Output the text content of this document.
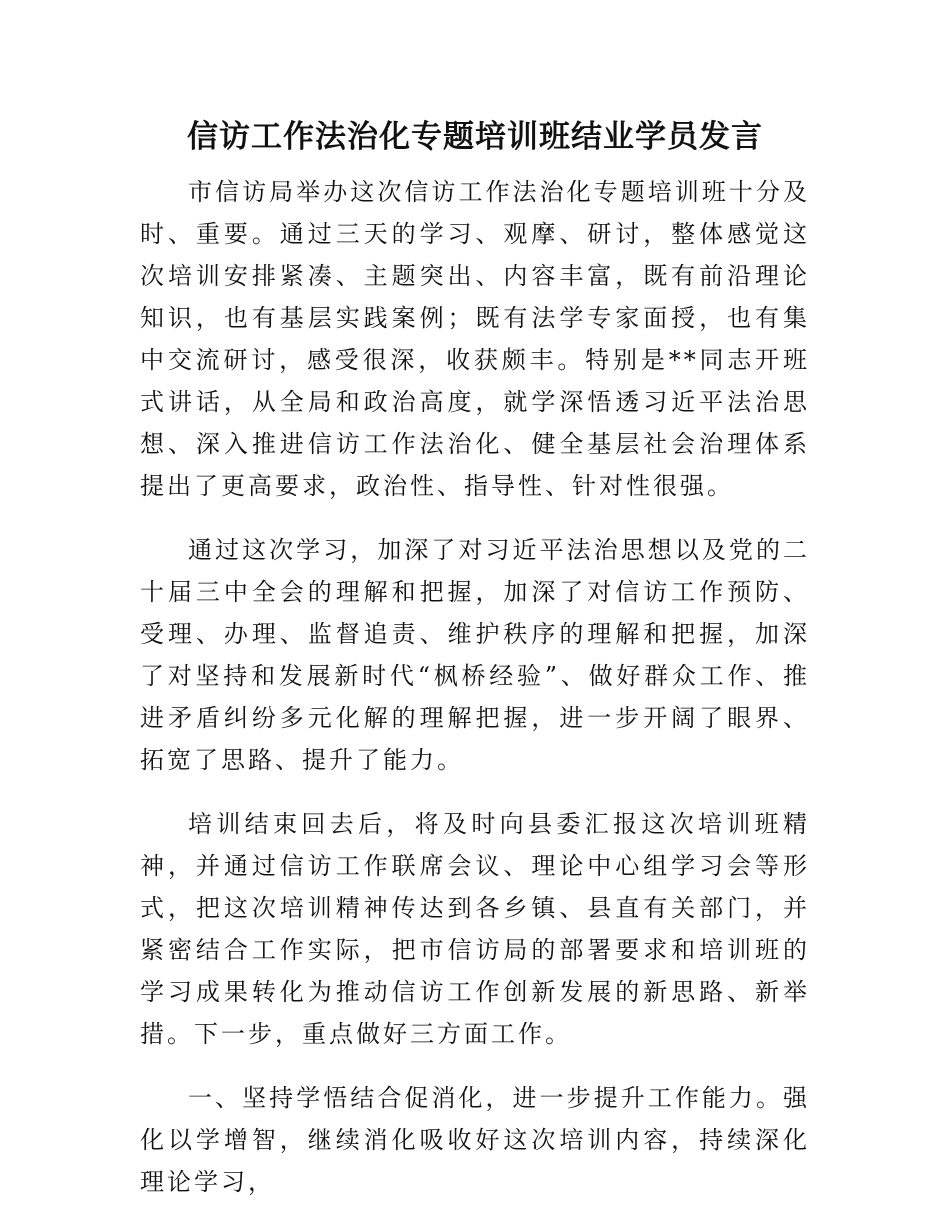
信访工作法治化专题培训班结业学员发言

市信访局举办这次信访工作法治化专题培训班十分及时、重要。通过三天的学习、观摩、研讨，整体感觉这次培训安排紧凑、主题突出、内容丰富，既有前沿理论知识，也有基层实践案例；既有法学专家面授，也有集中交流研讨，感受很深，收获颇丰。特别是**同志开班式讲话，从全局和政治高度，就学深悟透习近平法治思想、深入推进信访工作法治化、健全基层社会治理体系提出了更高要求，政治性、指导性、针对性很强。

通过这次学习，加深了对习近平法治思想以及党的二十届三中全会的理解和把握，加深了对信访工作预防、受理、办理、监督追责、维护秩序的理解和把握，加深了对坚持和发展新时代“枫桥经验”、做好群众工作、推进矛盾纠纷多元化解的理解把握，进一步开阔了眼界、拓宽了思路、提升了能力。

培训结束回去后，将及时向县委汇报这次培训班精神，并通过信访工作联席会议、理论中心组学习会等形式，把这次培训精神传达到各乡镇、县直有关部门，并紧密结合工作实际，把市信访局的部署要求和培训班的学习成果转化为推动信访工作创新发展的新思路、新举措。下一步，重点做好三方面工作。

一、坚持学悟结合促消化，进一步提升工作能力。强化以学增智，继续消化吸收好这次培训内容，持续深化理论学习，
